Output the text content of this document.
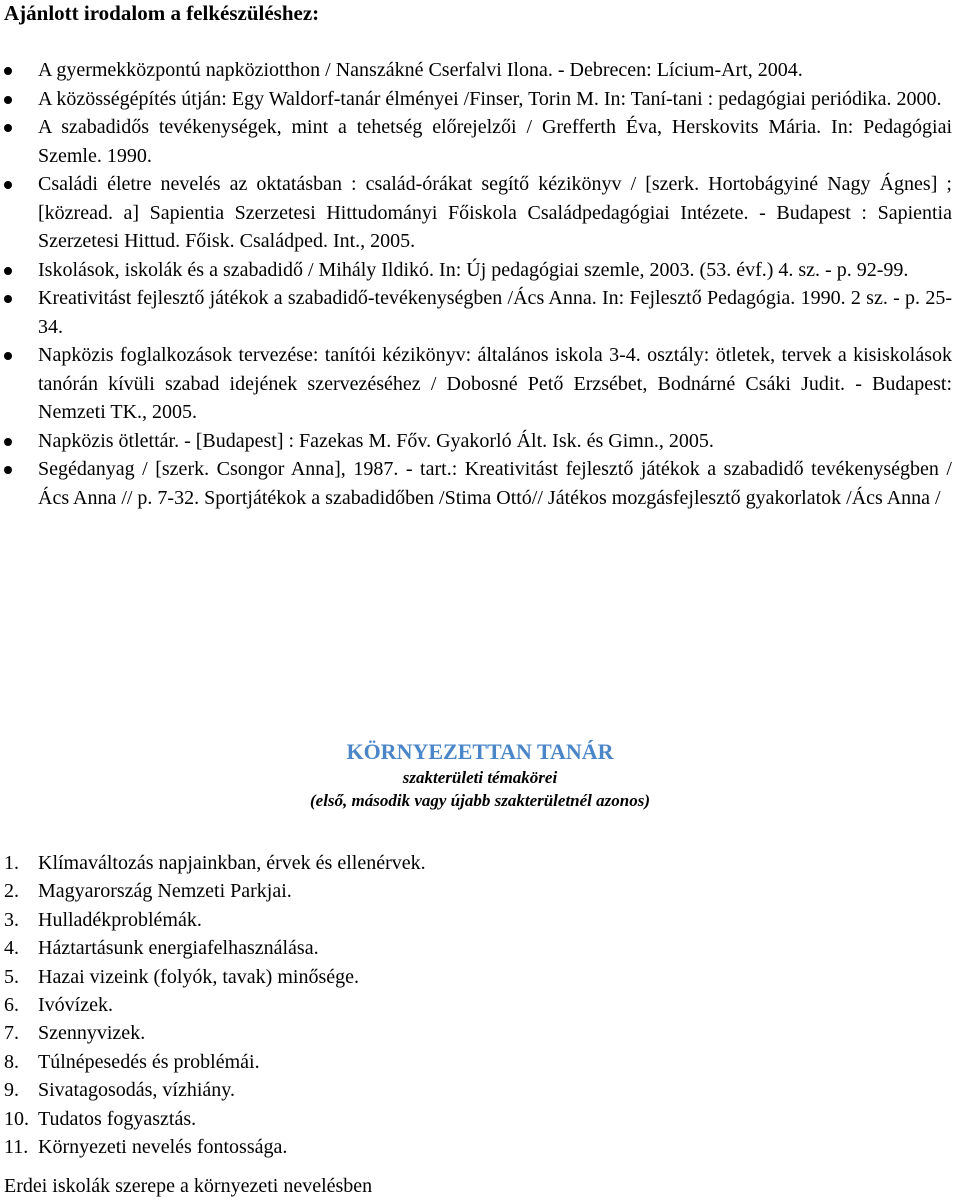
Ajánlott irodalom a felkészüléshez:
A gyermekközpontú napköziotthon / Nanszákné Cserfalvi Ilona. - Debrecen: Lícium-Art, 2004.
A közösségépítés útján: Egy Waldorf-tanár élményei /Finser, Torin M. In: Taní-tani : pedagógiai periódika. 2000.
A szabadidős tevékenységek, mint a tehetség előrejelzői / Grefferth Éva, Herskovits Mária. In: Pedagógiai Szemle. 1990.
Családi életre nevelés az oktatásban : család-órákat segítő kézikönyv / [szerk. Hortobágyiné Nagy Ágnes] ; [közread. a] Sapientia Szerzetesi Hittudományi Főiskola Családpedagógiai Intézete. - Budapest : Sapientia Szerzetesi Hittud. Főisk. Családped. Int., 2005.
Iskolások, iskolák és a szabadidő / Mihály Ildikó. In: Új pedagógiai szemle, 2003. (53. évf.) 4. sz. - p. 92-99.
Kreativitást fejlesztő játékok a szabadidő-tevékenységben /Ács Anna. In: Fejlesztő Pedagógia. 1990. 2 sz. - p. 25-34.
Napközis foglalkozások tervezése: tanítói kézikönyv: általános iskola 3-4. osztály: ötletek, tervek a kisiskolások tanórán kívüli szabad idejének szervezéséhez / Dobosné Pető Erzsébet, Bodnárné Csáki Judit. - Budapest: Nemzeti TK., 2005.
Napközis ötlettár. - [Budapest] : Fazekas M. Főv. Gyakorló Ált. Isk. és Gimn., 2005.
Segédanyag / [szerk. Csongor Anna], 1987. - tart.: Kreativitást fejlesztő játékok a szabadidő tevékenységben / Ács Anna // p. 7-32. Sportjátékok a szabadidőben /Stima Ottó// Játékos mozgásfejlesztő gyakorlatok /Ács Anna /

KÖRNYEZETTAN TANÁR

szakterületi témakörei

(első, második vagy újabb szakterületnél azonos)

1. Klímaváltozás napjainkban, érvek és ellenérvek.
2. Magyarország Nemzeti Parkjai.
3. Hulladékproblémák.
4. Háztartásunk energiafelhasználása.
5. Hazai vizeink (folyók, tavak) minősége.
6. Ivóvízek.
7. Szennyvizek.
8. Túlnépesedés és problémái.
9. Sivatagosodás, vízhiány.
10. Tudatos fogyasztás.
11. Környezeti nevelés fontossága.

Erdei iskolák szerepe a környezeti nevelésben
